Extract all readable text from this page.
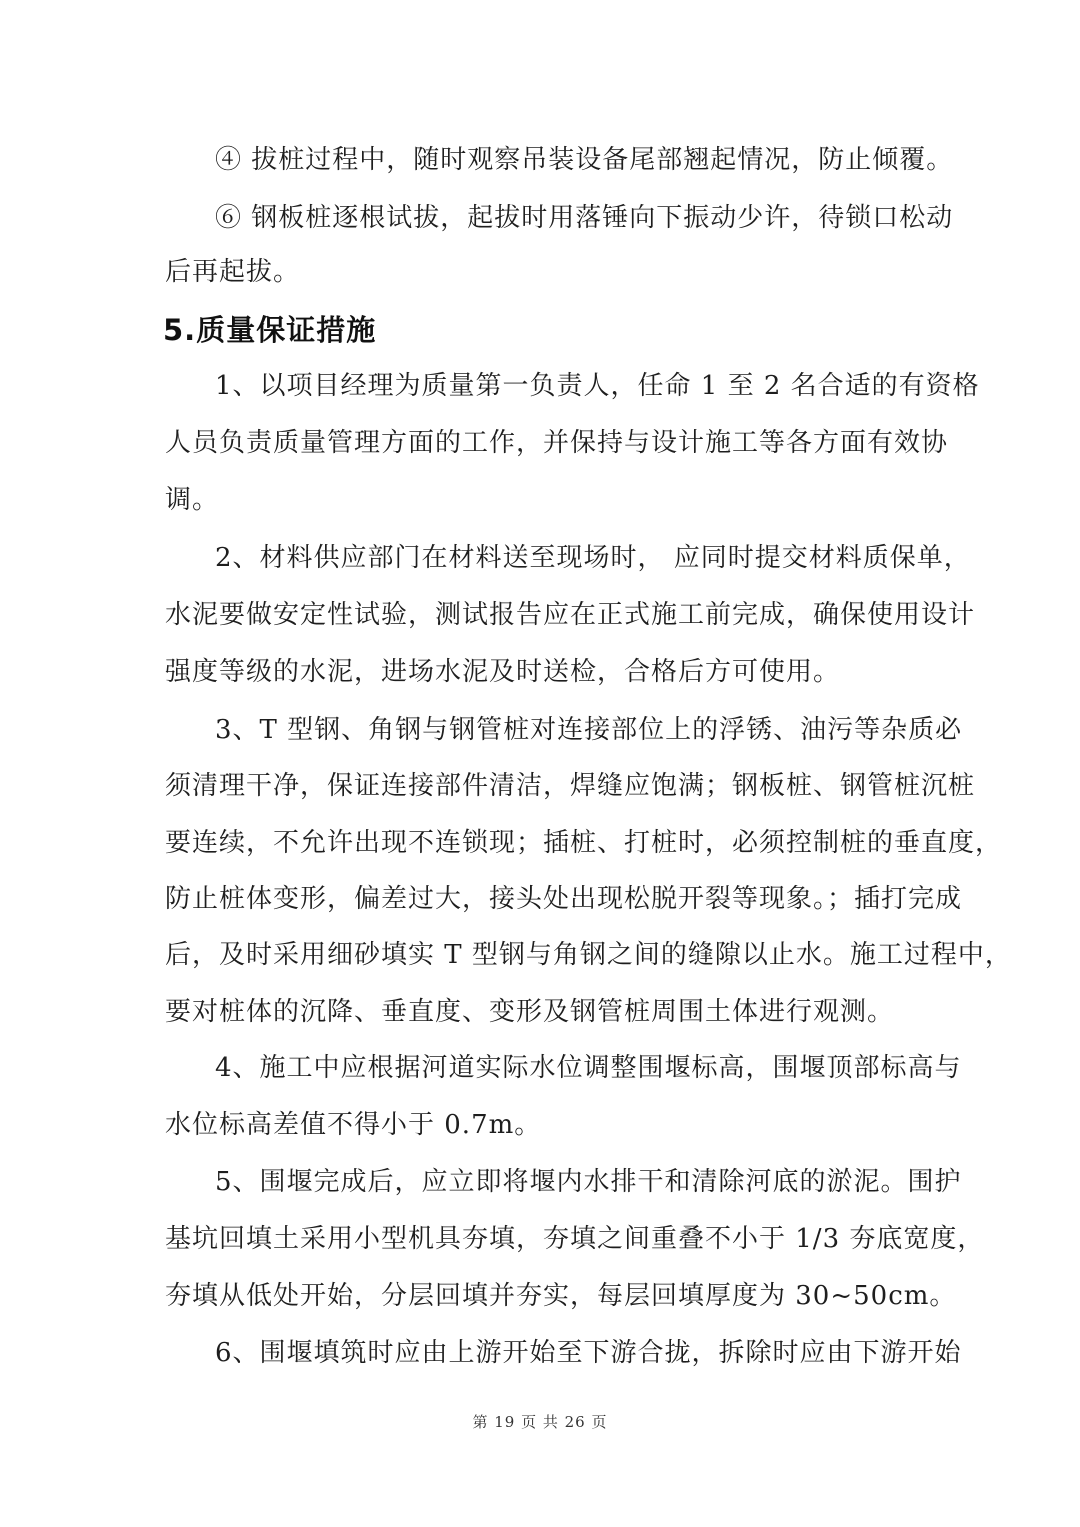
④ 拔桩过程中，随时观察吊装设备尾部翘起情况，防止倾覆。
⑥ 钢板桩逐根试拔，起拔时用落锤向下振动少许，待锁口松动
后再起拔。
5.质量保证措施
1、以项目经理为质量第一负责人，任命 1 至 2 名合适的有资格
人员负责质量管理方面的工作，并保持与设计施工等各方面有效协
调。
2、材料供应部门在材料送至现场时， 应同时提交材料质保单，
水泥要做安定性试验，测试报告应在正式施工前完成，确保使用设计
强度等级的水泥，进场水泥及时送检，合格后方可使用。
3、T 型钢、角钢与钢管桩对连接部位上的浮锈、油污等杂质必
须清理干净，保证连接部件清洁，焊缝应饱满；钢板桩、钢管桩沉桩
要连续，不允许出现不连锁现；插桩、打桩时，必须控制桩的垂直度，
防止桩体变形，偏差过大，接头处出现松脱开裂等现象。；插打完成
后，及时采用细砂填实 T 型钢与角钢之间的缝隙以止水。施工过程中，
要对桩体的沉降、垂直度、变形及钢管桩周围土体进行观测。
4、施工中应根据河道实际水位调整围堰标高，围堰顶部标高与
水位标高差值不得小于 0.7m。
5、围堰完成后，应立即将堰内水排干和清除河底的淤泥。围护
基坑回填土采用小型机具夯填，夯填之间重叠不小于 1/3 夯底宽度，
夯填从低处开始，分层回填并夯实，每层回填厚度为 30~50cm。
6、围堰填筑时应由上游开始至下游合拢，拆除时应由下游开始
第 19 页 共 26 页
